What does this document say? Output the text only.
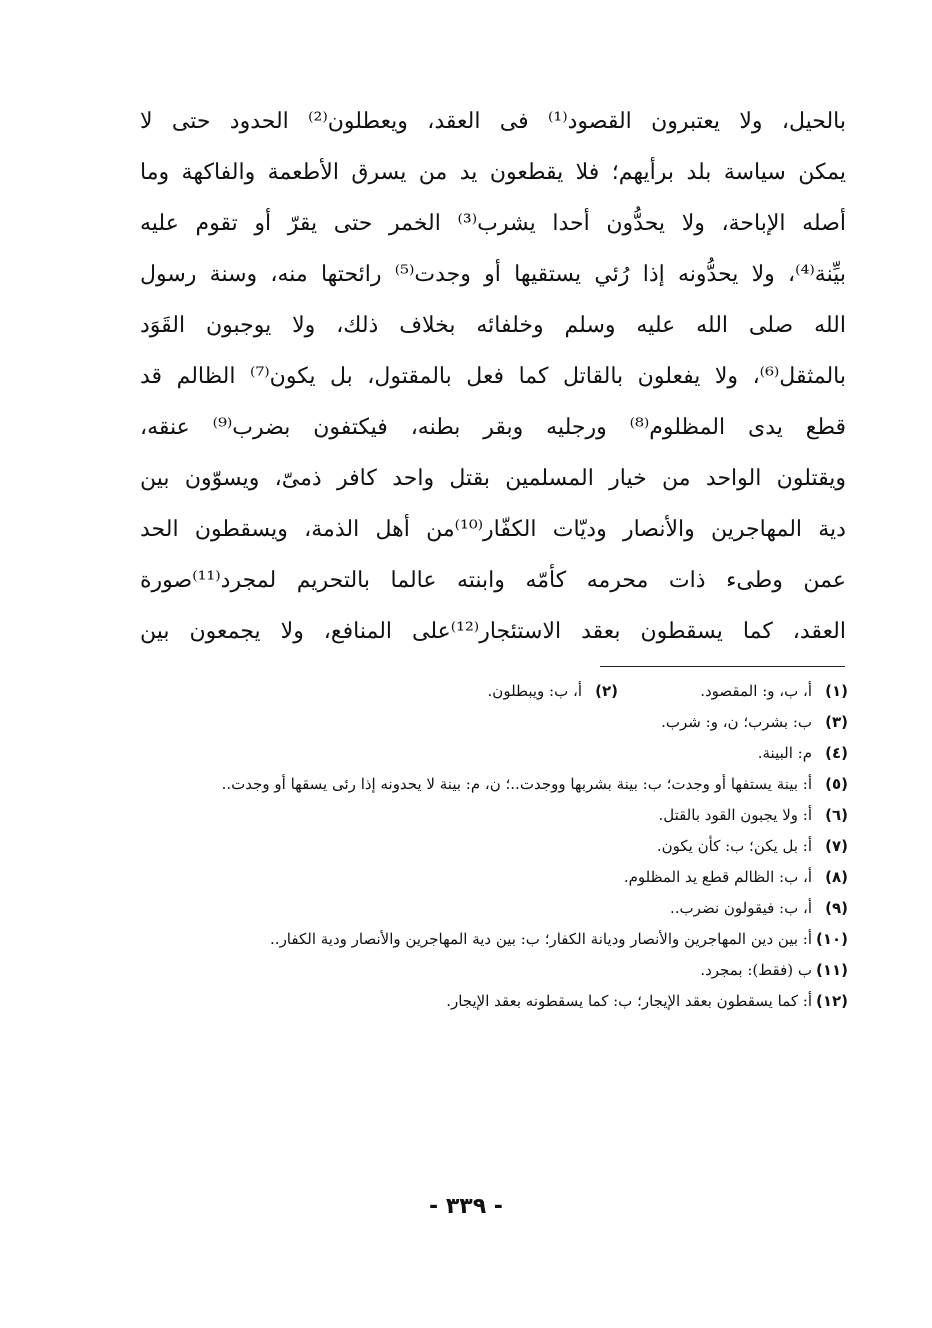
بالحيل، ولا يعتبرون القصود⁽¹⁾ فى العقد، ويعطلون⁽²⁾ الحدود حتى لا
يمكن سياسة بلد برأيهم؛ فلا يقطعون يد من يسرق الأطعمة والفاكهة وما
أصله الإباحة، ولا يحدُّون أحدا يشرب⁽³⁾ الخمر حتى يقرّ أو تقوم عليه
بيِّنة⁽⁴⁾، ولا يحدُّونه إذا رُئي يستقيها أو وجدت⁽⁵⁾ رائحتها منه، وسنة رسول
الله صلى الله عليه وسلم وخلفائه بخلاف ذلك، ولا يوجبون القَوَد
بالمثقل⁽⁶⁾، ولا يفعلون بالقاتل كما فعل بالمقتول، بل يكون⁽⁷⁾ الظالم قد
قطع يدى المظلوم⁽⁸⁾ ورجليه وبقر بطنه، فيكتفون بضرب⁽⁹⁾ عنقه،
ويقتلون الواحد من خيار المسلمين بقتل واحد كافر ذمىّ، ويسوّون بين
دية المهاجرين والأنصار وديّات الكفّار⁽¹⁰⁾من أهل الذمة، ويسقطون الحد
عمن وطىء ذات محرمه كأمّه وابنته عالما بالتحريم لمجرد⁽¹¹⁾صورة
العقد، كما يسقطون بعقد الاستئجار⁽¹²⁾على المنافع، ولا يجمعون بين
(١)
أ، ب، و: المقصود.
(٢)
أ، ب: ويبطلون.
(٣)
ب: بشرب؛ ن، و: شرب.
(٤)
م: البينة.
(٥)
أ: بينة يستفها أو وجدت؛ ب: بينة بشربها ووجدت..؛ ن، م: بينة لا يحدونه إذا رئى يسقها أو وجدت..
(٦)
أ: ولا يجبون القود بالقتل.
(٧)
أ: بل يكن؛ ب: كأن يكون.
(٨)
أ، ب: الظالم قطع يد المظلوم.
(٩)
أ، ب: فيقولون نضرب..
(١٠)
أ: بين دين المهاجرين والأنصار وديانة الكفار؛ ب: بين دية المهاجرين والأنصار ودية الكفار..
(١١)
ب (فقط): بمجرد.
(١٢)
أ: كما يسقطون بعقد الإيجار؛ ب: كما يسقطونه بعقد الإيجار.
- ٣٣٩ -
